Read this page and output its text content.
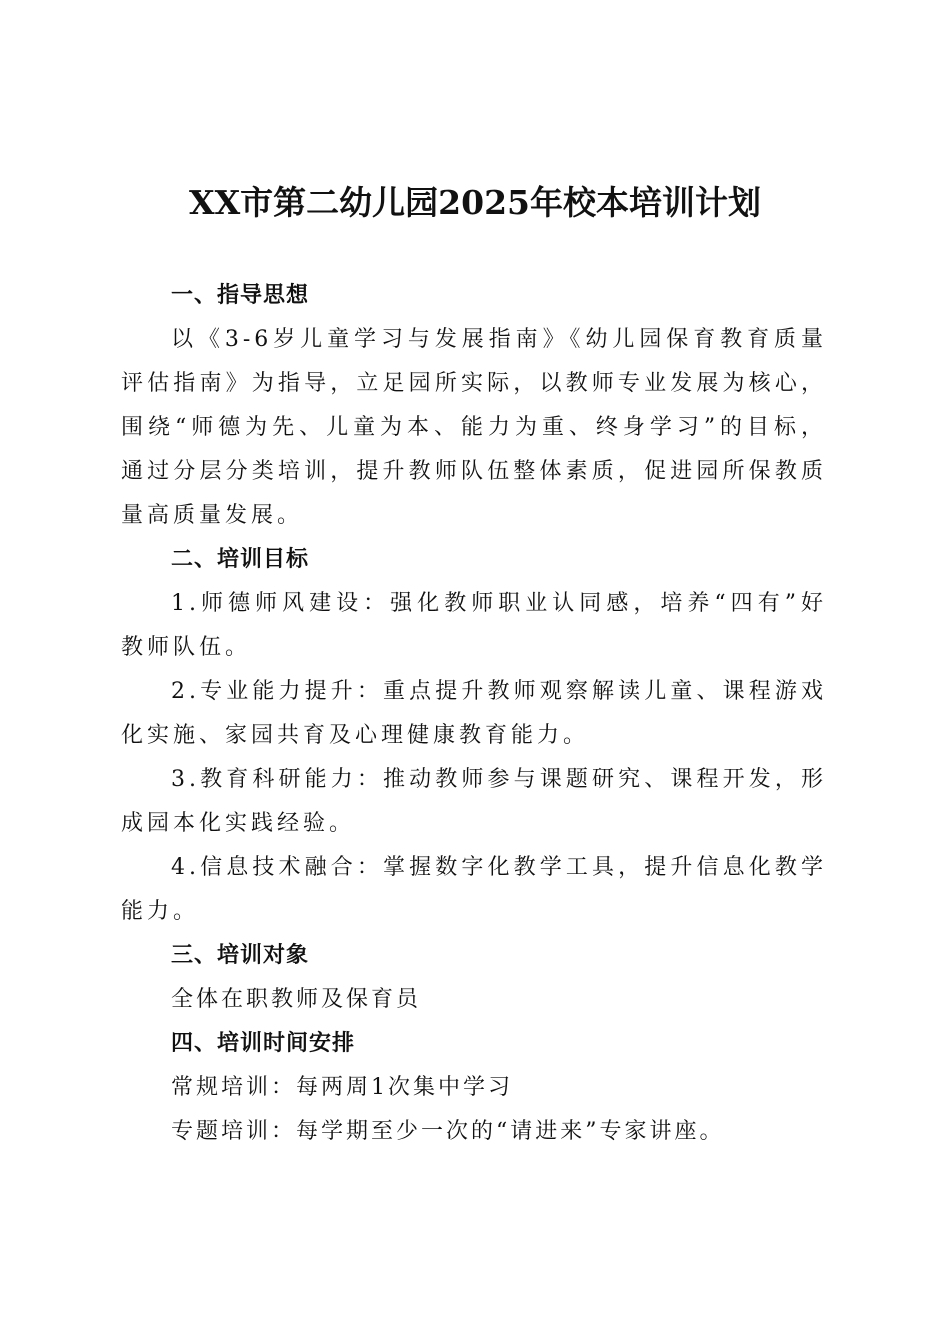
XX市第二幼儿园2025年校本培训计划

一、指导思想

以《3-6岁儿童学习与发展指南》《幼儿园保育教育质量评估指南》为指导，立足园所实际，以教师专业发展为核心，围绕“师德为先、儿童为本、能力为重、终身学习”的目标，通过分层分类培训，提升教师队伍整体素质，促进园所保教质量高质量发展。

二、培训目标

1.师德师风建设：强化教师职业认同感，培养“四有”好教师队伍。

2.专业能力提升：重点提升教师观察解读儿童、课程游戏化实施、家园共育及心理健康教育能力。

3.教育科研能力：推动教师参与课题研究、课程开发，形成园本化实践经验。

4.信息技术融合：掌握数字化教学工具，提升信息化教学能力。

三、培训对象

全体在职教师及保育员

四、培训时间安排

常规培训：每两周1次集中学习

专题培训：每学期至少一次的“请进来”专家讲座。
